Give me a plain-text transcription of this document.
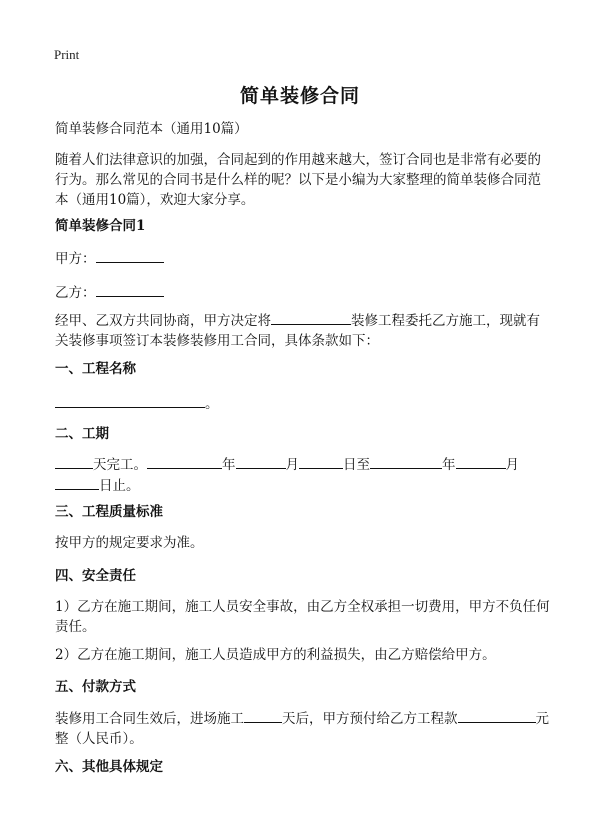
Print
简单装修合同

简单装修合同范本（通用10篇）

随着人们法律意识的加强，合同起到的作用越来越大，签订合同也是非常有必要的行为。那么常见的合同书是什么样的呢？以下是小编为大家整理的简单装修合同范本（通用10篇），欢迎大家分享。

简单装修合同1

甲方：

乙方：

经甲、乙双方共同协商，甲方决定将	装修工程委托乙方施工，现就有关装修事项签订本装修装修用工合同，具体条款如下：

一、工程名称

。

二、工期

天完工。	年	月	日至	年	月日止。

三、工程质量标准

按甲方的规定要求为准。

四、安全责任

1）乙方在施工期间，施工人员安全事故，由乙方全权承担一切费用，甲方不负任何责任。

2）乙方在施工期间，施工人员造成甲方的利益损失，由乙方赔偿给甲方。

五、付款方式

装修用工合同生效后，进场施工	天后，甲方预付给乙方工程款	元整（人民币）。

六、其他具体规定
